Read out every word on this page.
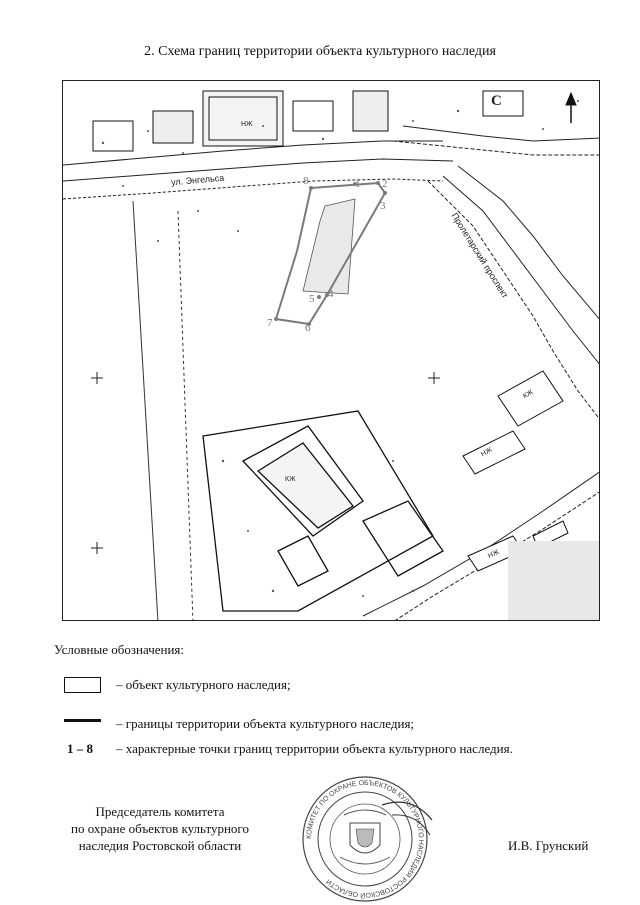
2. Схема границ территории объекта культурного наследия
С
ул. Энгельса
Пролетарский проспект
НЖ
КЖ
КЖ
НЖ
НЖ
8	1 2
3
4
5
6
7
Условные обозначения:
– объект культурного наследия;
– границы территории объекта культурного наследия;
1 – 8 – характерные точки границ территории объекта культурного наследия.
Председатель комитета
по охране объектов культурного
наследия Ростовской области
КОМИТЕТ ПО ОХРАНЕ ОБЪЕКТОВ КУЛЬТУРНОГО НАСЛЕДИЯ РОСТОВСКОЙ ОБЛАСТИ
И.В. Грунский
